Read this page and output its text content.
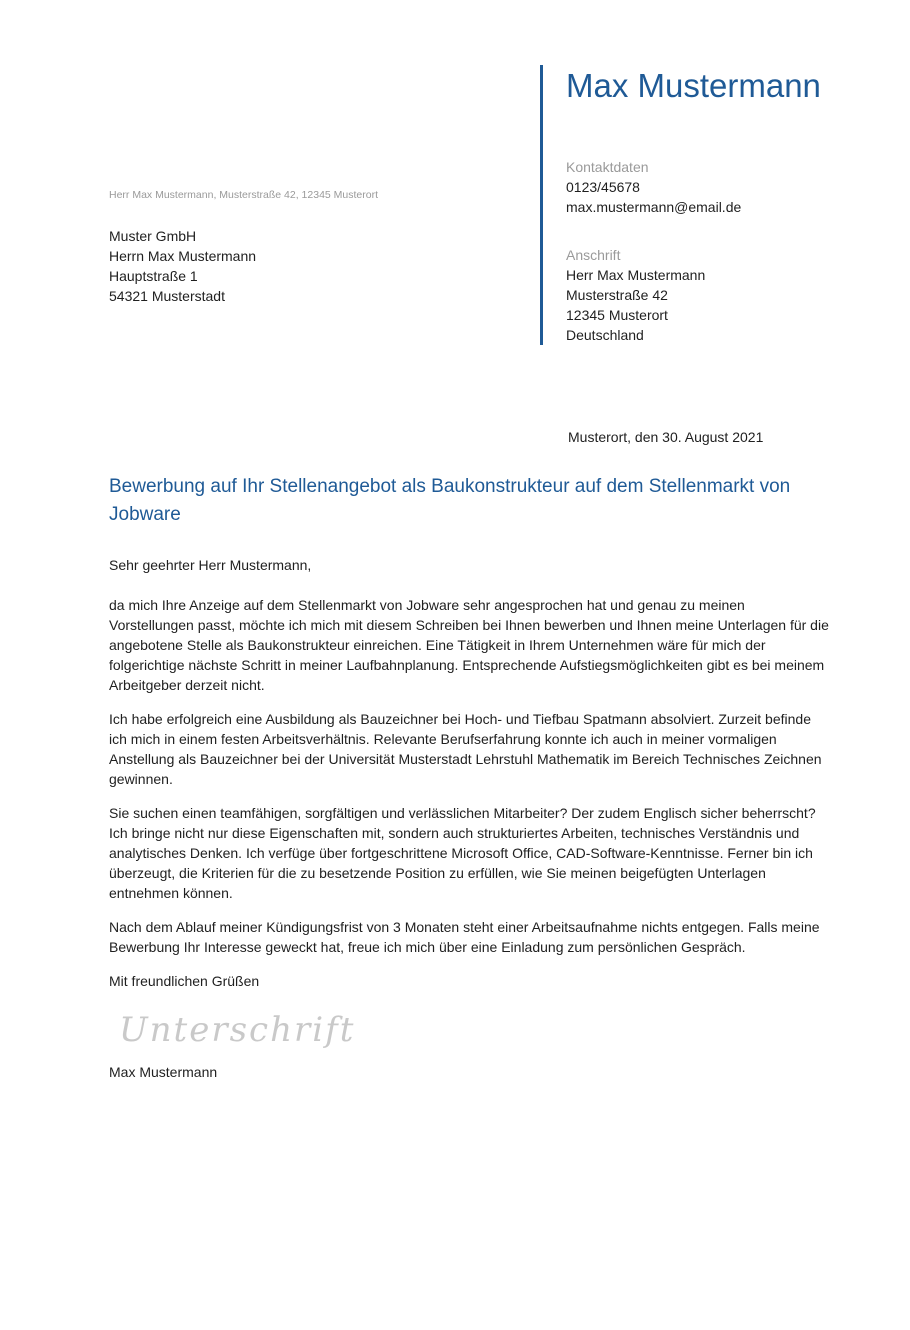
Max Mustermann
Kontaktdaten
0123/45678
max.mustermann@email.de
Anschrift
Herr Max Mustermann
Musterstraße 42
12345 Musterort
Deutschland
Herr Max Mustermann, Musterstraße 42, 12345 Musterort
Muster GmbH
Herrn Max Mustermann
Hauptstraße 1
54321 Musterstadt
Musterort, den 30. August 2021
Bewerbung auf Ihr Stellenangebot als Baukonstrukteur auf dem Stellenmarkt von Jobware
Sehr geehrter Herr Mustermann,

da mich Ihre Anzeige auf dem Stellenmarkt von Jobware sehr angesprochen hat und genau zu meinen Vorstellungen passt, möchte ich mich mit diesem Schreiben bei Ihnen bewerben und Ihnen meine Unterlagen für die angebotene Stelle als Baukonstrukteur einreichen. Eine Tätigkeit in Ihrem Unternehmen wäre für mich der folgerichtige nächste Schritt in meiner Laufbahnplanung. Entsprechende Aufstiegsmöglichkeiten gibt es bei meinem Arbeitgeber derzeit nicht.

Ich habe erfolgreich eine Ausbildung als Bauzeichner bei Hoch- und Tiefbau Spatmann absolviert. Zurzeit befinde ich mich in einem festen Arbeitsverhältnis. Relevante Berufserfahrung konnte ich auch in meiner vormaligen Anstellung als Bauzeichner bei der Universität Musterstadt Lehrstuhl Mathematik im Bereich Technisches Zeichnen gewinnen.

Sie suchen einen teamfähigen, sorgfältigen und verlässlichen Mitarbeiter? Der zudem Englisch sicher beherrscht? Ich bringe nicht nur diese Eigenschaften mit, sondern auch strukturiertes Arbeiten, technisches Verständnis und analytisches Denken. Ich verfüge über fortgeschrittene Microsoft Office, CAD-Software-Kenntnisse. Ferner bin ich überzeugt, die Kriterien für die zu besetzende Position zu erfüllen, wie Sie meinen beigefügten Unterlagen entnehmen können.

Nach dem Ablauf meiner Kündigungsfrist von 3 Monaten steht einer Arbeitsaufnahme nichts entgegen. Falls meine Bewerbung Ihr Interesse geweckt hat, freue ich mich über eine Einladung zum persönlichen Gespräch.

Mit freundlichen Grüßen
Unterschrift
Max Mustermann
